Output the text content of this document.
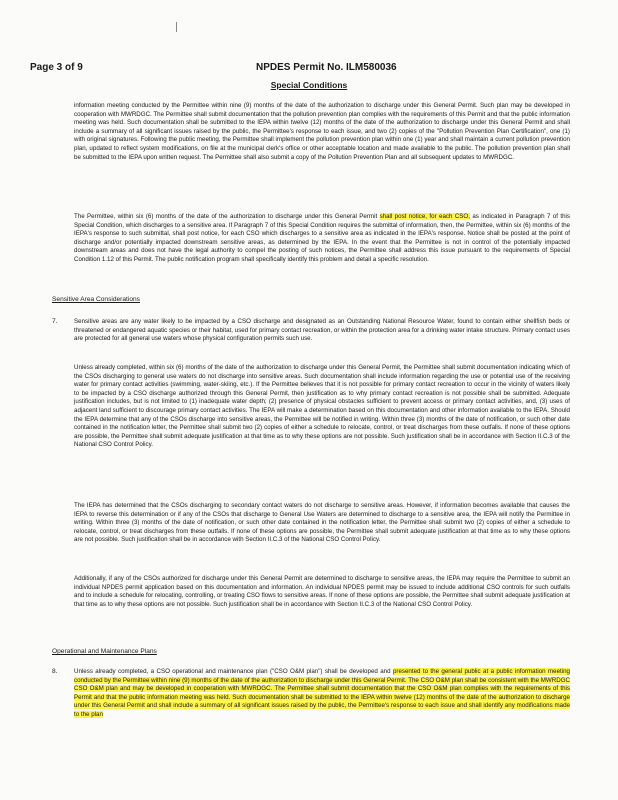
Page 3 of 9	NPDES Permit No. ILM580036
Special Conditions

information meeting conducted by the Permittee within nine (9) months of the date of the authorization to discharge under this General Permit. Such plan may be developed in cooperation with MWRDGC. The Permittee shall submit documentation that the pollution prevention plan complies with the requirements of this Permit and that the public information meeting was held. Such documentation shall be submitted to the IEPA within twelve (12) months of the date of the authorization to discharge under this General Permit and shall include a summary of all significant issues raised by the public, the Permittee's response to each issue, and two (2) copies of the "Pollution Prevention Plan Certification", one (1) with original signatures. Following the public meeting, the Permittee shall implement the pollution prevention plan within one (1) year and shall maintain a current pollution prevention plan, updated to reflect system modifications, on file at the municipal clerk's office or other acceptable location and made available to the public. The pollution prevention plan shall be submitted to the IEPA upon written request. The Permittee shall also submit a copy of the Pollution Prevention Plan and all subsequent updates to MWRDGC.

The Permittee, within six (6) months of the date of the authorization to discharge under this General Permit shall post notice, for each CSO, as indicated in Paragraph 7 of this Special Condition, which discharges to a sensitive area. If Paragraph 7 of this Special Condition requires the submittal of information, then, the Permittee, within six (6) months of the IEPA's response to such submittal, shall post notice, for each CSO which discharges to a sensitive area as indicated in the IEPA's response. Notice shall be posted at the point of discharge and/or potentially impacted downstream sensitive areas, as determined by the IEPA. In the event that the Permittee is not in control of the potentially impacted downstream areas and does not have the legal authority to compel the posting of such notices, the Permittee shall address this issue pursuant to the requirements of Special Condition 1.12 of this Permit. The public notification program shall specifically identify this problem and detail a specific resolution.

Sensitive Area Considerations
7.	Sensitive areas are any water likely to be impacted by a CSO discharge and designated as an Outstanding National Resource Water, found to contain either shellfish beds or threatened or endangered aquatic species or their habitat, used for primary contact recreation, or within the protection area for a drinking water intake structure. Primary contact uses are protected for all general use waters whose physical configuration permits such use.

Unless already completed, within six (6) months of the date of the authorization to discharge under this General Permit, the Permittee shall submit documentation indicating which of the CSOs discharging to general use waters do not discharge into sensitive areas. Such documentation shall include information regarding the use or potential use of the receiving water for primary contact activities (swimming, water-skiing, etc.). If the Permittee believes that it is not possible for primary contact recreation to occur in the vicinity of waters likely to be impacted by a CSO discharge authorized through this General Permit, then justification as to why primary contact recreation is not possible shall be submitted. Adequate justification includes, but is not limited to (1) inadequate water depth; (2) presence of physical obstacles sufficient to prevent access or primary contact activities, and, (3) uses of adjacent land sufficient to discourage primary contact activities. The IEPA will make a determination based on this documentation and other information available to the IEPA. Should the IEPA determine that any of the CSOs discharge into sensitive areas, the Permittee will be notified in writing. Within three (3) months of the date of notification, or such other date contained in the notification letter, the Permittee shall submit two (2) copies of either a schedule to relocate, control, or treat discharges from these outfalls. If none of these options are possible, the Permittee shall submit adequate justification at that time as to why these options are not possible. Such justification shall be in accordance with Section II.C.3 of the National CSO Control Policy.

The IEPA has determined that the CSOs discharging to secondary contact waters do not discharge to sensitive areas. However, if information becomes available that causes the IEPA to reverse this determination or if any of the CSOs that discharge to General Use Waters are determined to discharge to a sensitive area, the IEPA will notify the Permittee in writing. Within three (3) months of the date of notification, or such other date contained in the notification letter, the Permittee shall submit two (2) copies of either a schedule to relocate, control, or treat discharges from these outfalls. If none of these options are possible, the Permittee shall submit adequate justification at that time as to why these options are not possible. Such justification shall be in accordance with Section II.C.3 of the National CSO Control Policy.

Additionally, if any of the CSOs authorized for discharge under this General Permit are determined to discharge to sensitive areas, the IEPA may require the Permittee to submit an individual NPDES permit application based on this documentation and information. An individual NPDES permit may be issued to include additional CSO controls for such outfalls and to include a schedule for relocating, controlling, or treating CSO flows to sensitive areas. If none of these options are possible, the Permittee shall submit adequate justification at that time as to why these options are not possible. Such justification shall be in accordance with Section II.C.3 of the National CSO Control Policy.

Operational and Maintenance Plans
8.	Unless already completed, a CSO operational and maintenance plan ("CSO O&M plan") shall be developed and presented to the general public at a public information meeting conducted by the Permittee within nine (9) months of the date of the authorization to discharge under this General Permit. The CSO O&M plan shall be consistent with the MWRDGC CSO O&M plan and may be developed in cooperation with MWRDGC. The Permittee shall submit documentation that the CSO O&M plan complies with the requirements of this Permit and that the public information meeting was held. Such documentation shall be submitted to the IEPA within twelve (12) months of the date of the authorization to discharge under this General Permit and shall include a summary of all significant issues raised by the public, the Permittee's response to each issue and shall identify any modifications made to the plan
